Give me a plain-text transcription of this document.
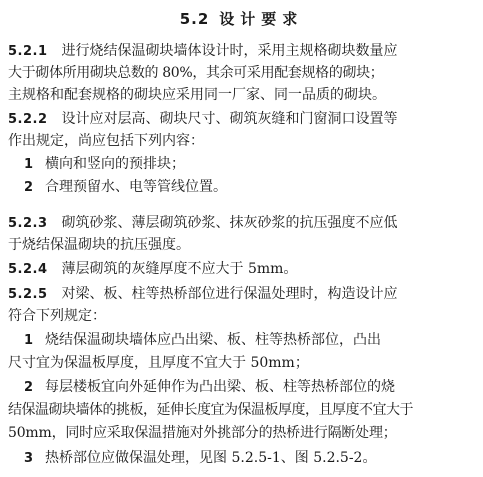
5.2 设计要求
5.2.1 进行烧结保温砌块墙体设计时，采用主规格砌块数量应
大于砌体所用砌块总数的 80%，其余可采用配套规格的砌块；
主规格和配套规格的砌块应采用同一厂家、同一品质的砌块。
5.2.2 设计应对层高、砌块尺寸、砌筑灰缝和门窗洞口设置等
作出规定，尚应包括下列内容：
1 横向和竖向的预排块；
2 合理预留水、电等管线位置。
5.2.3 砌筑砂浆、薄层砌筑砂浆、抹灰砂浆的抗压强度不应低
于烧结保温砌块的抗压强度。
5.2.4 薄层砌筑的灰缝厚度不应大于 5mm。
5.2.5 对梁、板、柱等热桥部位进行保温处理时，构造设计应
符合下列规定：
1 烧结保温砌块墙体应凸出梁、板、柱等热桥部位，凸出
尺寸宜为保温板厚度，且厚度不宜大于 50mm；
2 每层楼板宜向外延伸作为凸出梁、板、柱等热桥部位的烧
结保温砌块墙体的挑板，延伸长度宜为保温板厚度，且厚度不宜大于
50mm，同时应采取保温措施对外挑部分的热桥进行隔断处理；
3 热桥部位应做保温处理，见图 5.2.5-1、图 5.2.5-2。
